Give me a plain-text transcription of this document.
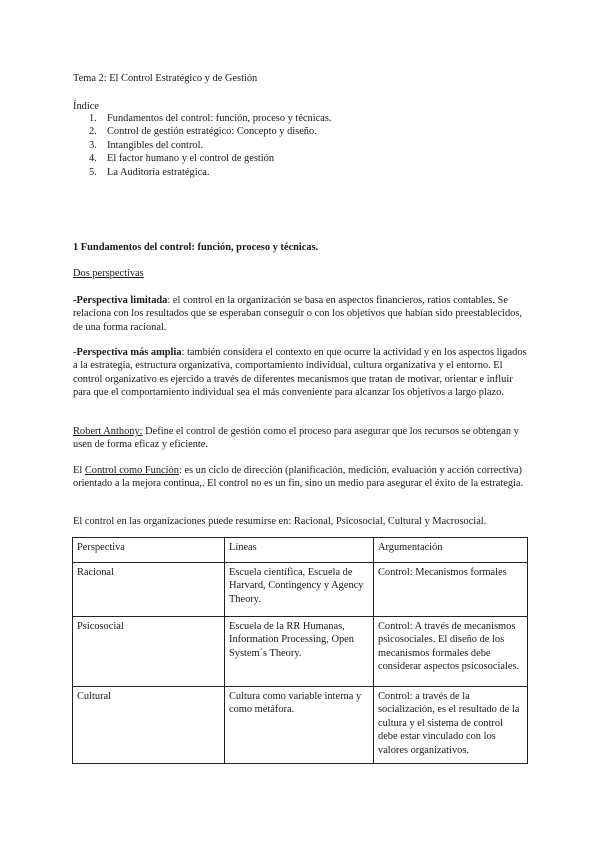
Tema 2: El Control Estratégico y de Gestión

Índice

1. Fundamentos del control: función, proceso y técnicas.
2. Control de gestión estratégico: Concepto y diseño.
3. Intangibles del control.
4. El factor humano y el control de gestión
5. La Auditoría estratégica.

1 Fundamentos del control: función, proceso y técnicas.

Dos perspectivas

-Perspectiva limitada: el control en la organización se basa en aspectos financieros, ratios contables. Se relaciona con los resultados que se esperaban conseguir o con los objetivos que habían sido preestablecidos, de una forma racional.

-Perspectiva más amplia: también considera el contexto en que ocurre la actividad y en los aspectos ligados a la estrategia, estructura organizativa, comportamiento individual, cultura organizativa y el entorno. El control organizativo es ejercido a través de diferentes mecanismos que tratan de motivar, orientar e influir para que el comportamiento individual sea el más conveniente para alcanzar los objetivos a largo plazo.

Robert Anthony: Define el control de gestión como el proceso para asegurar que los recursos se obtengan y usen de forma eficaz y eficiente.

El Control como Función: es un ciclo de dirección (planificación, medición, evaluación y acción correctiva) orientado a la mejora continua,. El control no es un fin, sino un medio para asegurar el éxito de la estrategia.

El control en las organizaciones puede resumirse en: Racional, Psicosocial, Cultural y Macrosocial.

Perspectiva	Líneas	Argumentación
Racional	Escuela científica, Escuela de Harvard, Contingency y Agency Theory.	Control: Mecanismos formales
Psicosocial	Escuela de la RR Humanas, Information Processing, Open System´s Theory.	Control: A través de mecanismos psicosociales. El diseño de los mecanismos formales debe considerar aspectos psicosociales.
Cultural	Cultura como variable interna y como metáfora.	Control: a través de la socialización, es el resultado de la cultura y el sistema de control debe estar vinculado con los valores organizativos.
